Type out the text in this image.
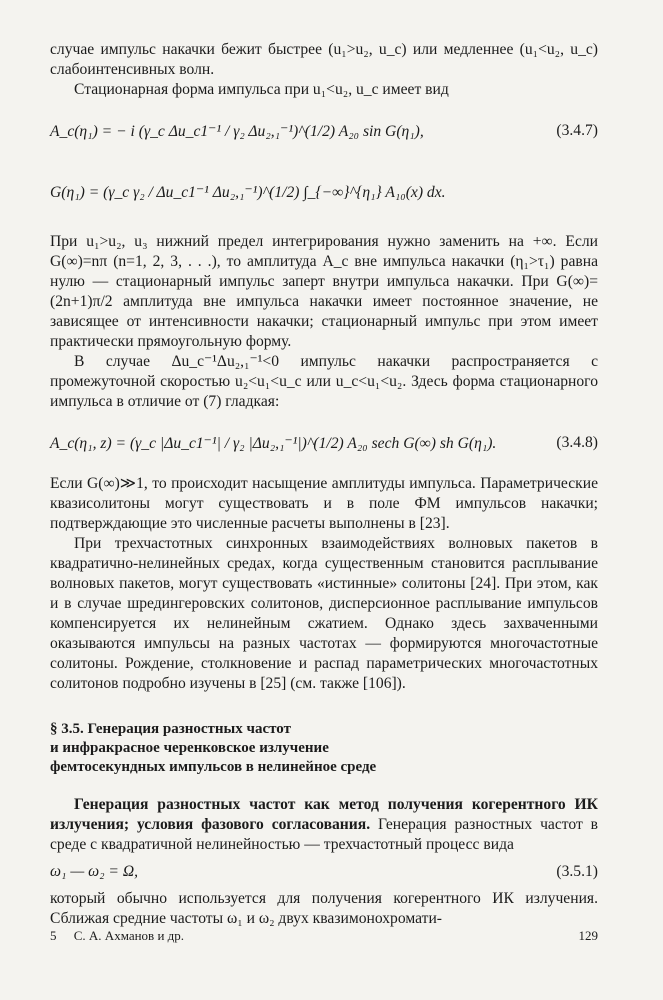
случае импульс накачки бежит быстрее (u₁>u₂, u_c) или медленнее (u₁<u₂, u_c) слабоинтенсивных волн.

Стационарная форма импульса при u₁<u₂, u_c имеет вид

A_c(η₁) = − i (γ_c Δu_c1⁻¹ / γ₂ Δu₂,₁⁻¹)^(1/2) A₂₀ sin G(η₁),	(3.4.7)
G(η₁) = (γ_c γ₂ / Δu_c1⁻¹ Δu₂,₁⁻¹)^(1/2) ∫_{−∞}^{η₁} A₁₀(x) dx.

При u₁>u₂, u₃ нижний предел интегрирования нужно заменить на +∞. Если G(∞)=nπ (n=1, 2, 3, . . .), то амплитуда A_c вне импульса накачки (η₁>τ₁) равна нулю — стационарный импульс заперт внутри импульса накачки. При G(∞)=(2n+1)π/2 амплитуда вне импульса накачки имеет постоянное значение, не зависящее от интенсивности накачки; стационарный импульс при этом имеет практически прямоугольную форму.

В случае Δu_c⁻¹Δu₂,₁⁻¹<0 импульс накачки распространяется с промежуточной скоростью u₂<u₁<u_c или u_c<u₁<u₂. Здесь форма стационарного импульса в отличие от (7) гладкая:

A_c(η₁, z) = (γ_c |Δu_c1⁻¹| / γ₂ |Δu₂,₁⁻¹|)^(1/2) A₂₀ sech G(∞) sh G(η₁).	(3.4.8)

Если G(∞)≫1, то происходит насыщение амплитуды импульса. Параметрические квазисолитоны могут существовать и в поле ФМ импульсов накачки; подтверждающие это численные расчеты выполнены в [23].

При трехчастотных синхронных взаимодействиях волновых пакетов в квадратично-нелинейных средах, когда существенным становится расплывание волновых пакетов, могут существовать «истинные» солитоны [24]. При этом, как и в случае шредингеровских солитонов, дисперсионное расплывание импульсов компенсируется их нелинейным сжатием. Однако здесь захваченными оказываются импульсы на разных частотах — формируются многочастотные солитоны. Рождение, столкновение и распад параметрических многочастотных солитонов подробно изучены в [25] (см. также [106]).

§ 3.5. Генерация разностных частот
и инфракрасное черенковское излучение
фемтосекундных импульсов в нелинейное среде

Генерация разностных частот как метод получения когерентного ИК излучения; условия фазового согласования. Генерация разностных частот в среде с квадратичной нелинейностью — трехчастотный процесс вида

ω₁ — ω₂ = Ω,	(3.5.1)

который обычно используется для получения когерентного ИК излучения. Сближая средние частоты ω₁ и ω₂ двух квазимонохромати-

5 С. А. Ахманов и др.	129
